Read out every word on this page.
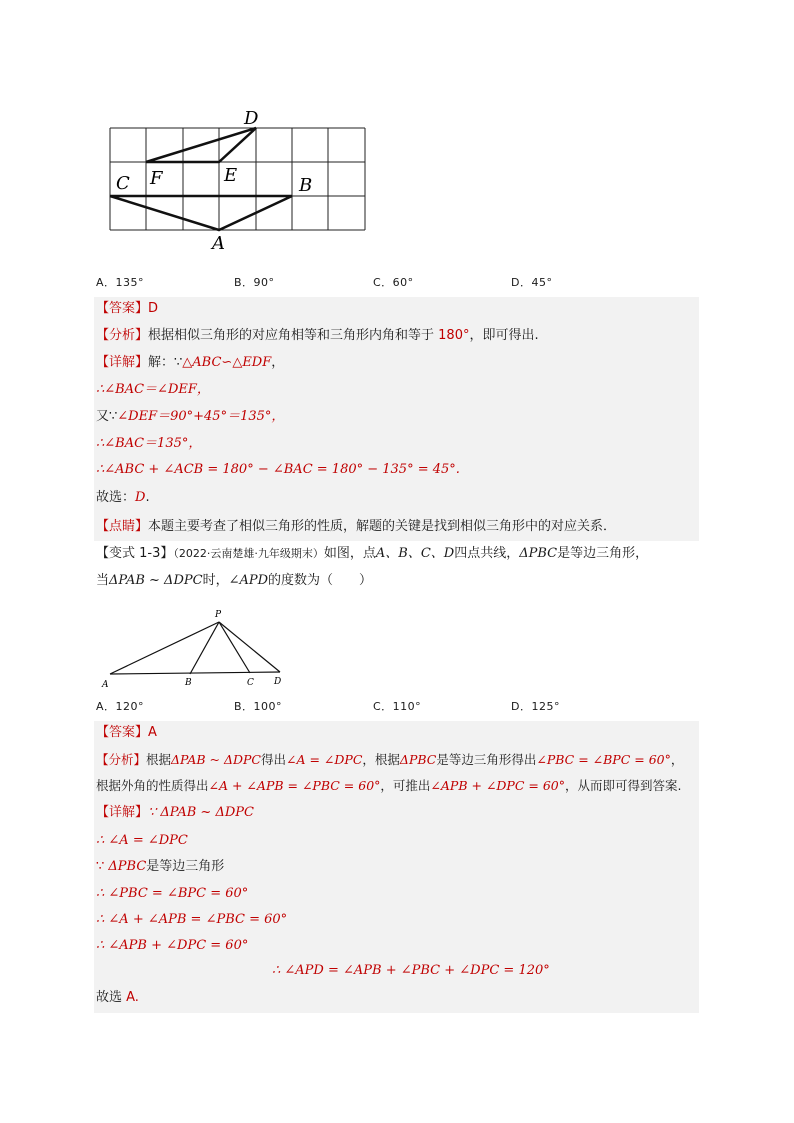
D
F	E
C	B
A
A．135°	B．90°	C．60°	D．45°
【答案】D
【分析】根据相似三角形的对应角相等和三角形内角和等于 180°，即可得出.
【详解】解：∵△ABC∽△EDF，
∴∠BAC＝∠DEF，
又∵∠DEF＝90°+45°＝135°，
∴∠BAC＝135°，
∴∠ABC + ∠ACB = 180° − ∠BAC = 180° − 135° = 45°.
故选：D.
【点睛】本题主要考查了相似三角形的性质，解题的关键是找到相似三角形中的对应关系．
【变式 1-3】（2022·云南楚雄·九年级期末）如图，点A、B、C、D四点共线，ΔPBC是等边三角形，
当ΔPAB ~ ΔDPC时，∠APD的度数为（　　）
P
A	B	C D
A．120°	B．100°	C．110°	D．125°
【答案】A
【分析】根据ΔPAB ~ ΔDPC得出∠A = ∠DPC，根据ΔPBC是等边三角形得出∠PBC = ∠BPC = 60°，
根据外角的性质得出∠A + ∠APB = ∠PBC = 60°，可推出∠APB + ∠DPC = 60°，从而即可得到答案.
【详解】∵ ΔPAB ~ ΔDPC
∴ ∠A = ∠DPC
∵ ΔPBC是等边三角形
∴ ∠PBC = ∠BPC = 60°
∴ ∠A + ∠APB = ∠PBC = 60°
∴ ∠APB + ∠DPC = 60°
∴ ∠APD = ∠APB + ∠PBC + ∠DPC = 120°
故选 A.
